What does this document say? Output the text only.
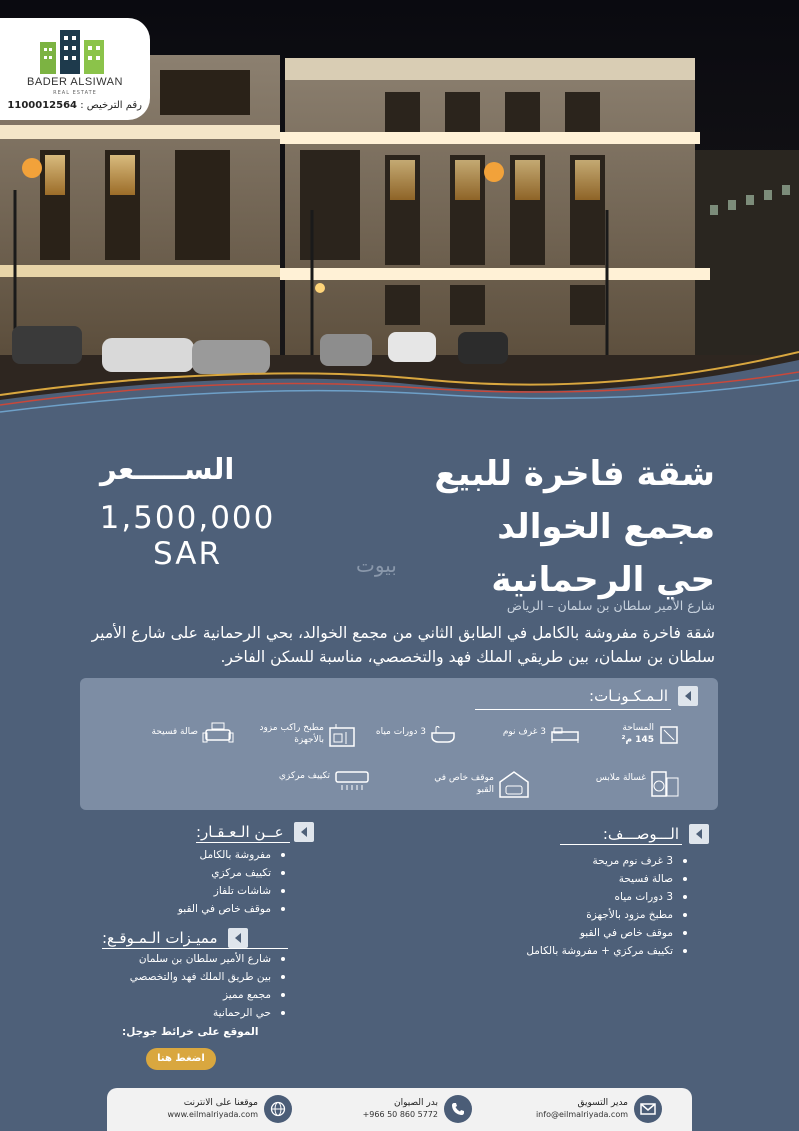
BADER ALSIWAN
REAL ESTATE
رقم الترخيص : 1100012564
شقة فاخرة للبيع
مجمع الخوالد
حي الرحمانية
شارع الأمير سلطان بن سلمان – الرياض
بيوت
الســـــعر
1,500,000
SAR
شقة فاخرة مفروشة بالكامل في الطابق الثاني من مجمع الخوالد، بحي الرحمانية على شارع الأمير سلطان بن سلمان، بين طريقي الملك فهد والتخصصي، مناسبة للسكن الفاخر.
الـمـكـونـات:
المساحة
145 م²
3 غرف نوم
3 دورات مياه
مطبخ راكب مزود بالأجهزة
صالة فسيحة
غسالة ملابس
موقف خاص في القبو
تكييف مركزي
الـــوصـــف:
3 غرف نوم مريحة
صالة فسيحة
3 دورات مياه
مطبخ مزود بالأجهزة
موقف خاص في القبو
تكييف مركزي + مفروشة بالكامل
عــن الـعـقـار:
مفروشة بالكامل
تكييف مركزي
شاشات تلفاز
موقف خاص في القبو
مميـزات الـمـوقـع:
شارع الأمير سلطان بن سلمان
بين طريق الملك فهد والتخصصي
مجمع مميز
حي الرحمانية
الموقع على خرائط جوجل:
اضغط هنا
مدير التسويق
info@eilmalriyada.com
بدر الصيوان
+966 50 860 5772
موقعنا على الانترنت
www.eilmalriyada.com
